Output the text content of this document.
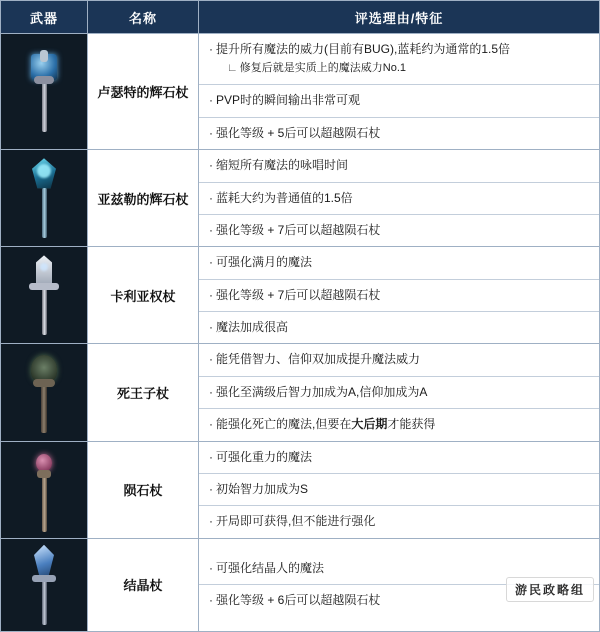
武器	名称	评选理由/特征

	卢瑟特的辉石杖	· 提升所有魔法的威力(目前有BUG),蓝耗约为通常的1.5倍
∟ 修复后就是实质上的魔法威力No.1
· PVP时的瞬间输出非常可观
· 强化等级 + 5后可以超越陨石杖

	亚兹勒的辉石杖	· 缩短所有魔法的咏唱时间
· 蓝耗大约为普通值的1.5倍
· 强化等级 + 7后可以超越陨石杖

	卡利亚权杖	· 可强化满月的魔法
· 强化等级 + 7后可以超越陨石杖
· 魔法加成很高

	死王子杖	· 能凭借智力、信仰双加成提升魔法威力
· 强化至满级后智力加成为A,信仰加成为A
· 能强化死亡的魔法,但要在大后期才能获得

	陨石杖	· 可强化重力的魔法
· 初始智力加成为S
· 开局即可获得,但不能进行强化

	结晶杖	· 可强化结晶人的魔法
· 强化等级 + 6后可以超越陨石杖
游民政略组
